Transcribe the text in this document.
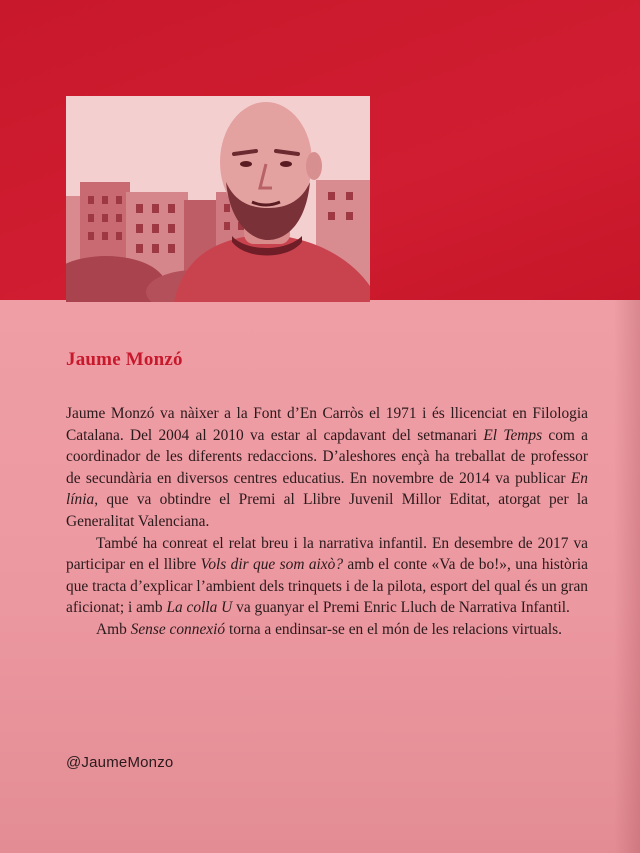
Jaume Monzó

Jaume Monzó va nàixer a la Font d’En Carròs el 1971 i és llicenciat en Filologia Catalana. Del 2004 al 2010 va estar al capdavant del setmanari El Temps com a coordinador de les diferents redaccions. D’aleshores ençà ha treballat de professor de secundària en diversos centres educatius. En novembre de 2014 va publicar En línia, que va obtindre el Premi al Llibre Juvenil Millor Editat, atorgat per la Generalitat Valenciana.

També ha conreat el relat breu i la narrativa infantil. En desembre de 2017 va participar en el llibre Vols dir que som això? amb el conte «Va de bo!», una història que tracta d’explicar l’ambient dels trinquets i de la pilota, esport del qual és un gran aficionat; i amb La colla U va guanyar el Premi Enric Lluch de Narrativa Infantil.

Amb Sense connexió torna a endinsar-se en el món de les relacions virtuals.

@JaumeMonzo
